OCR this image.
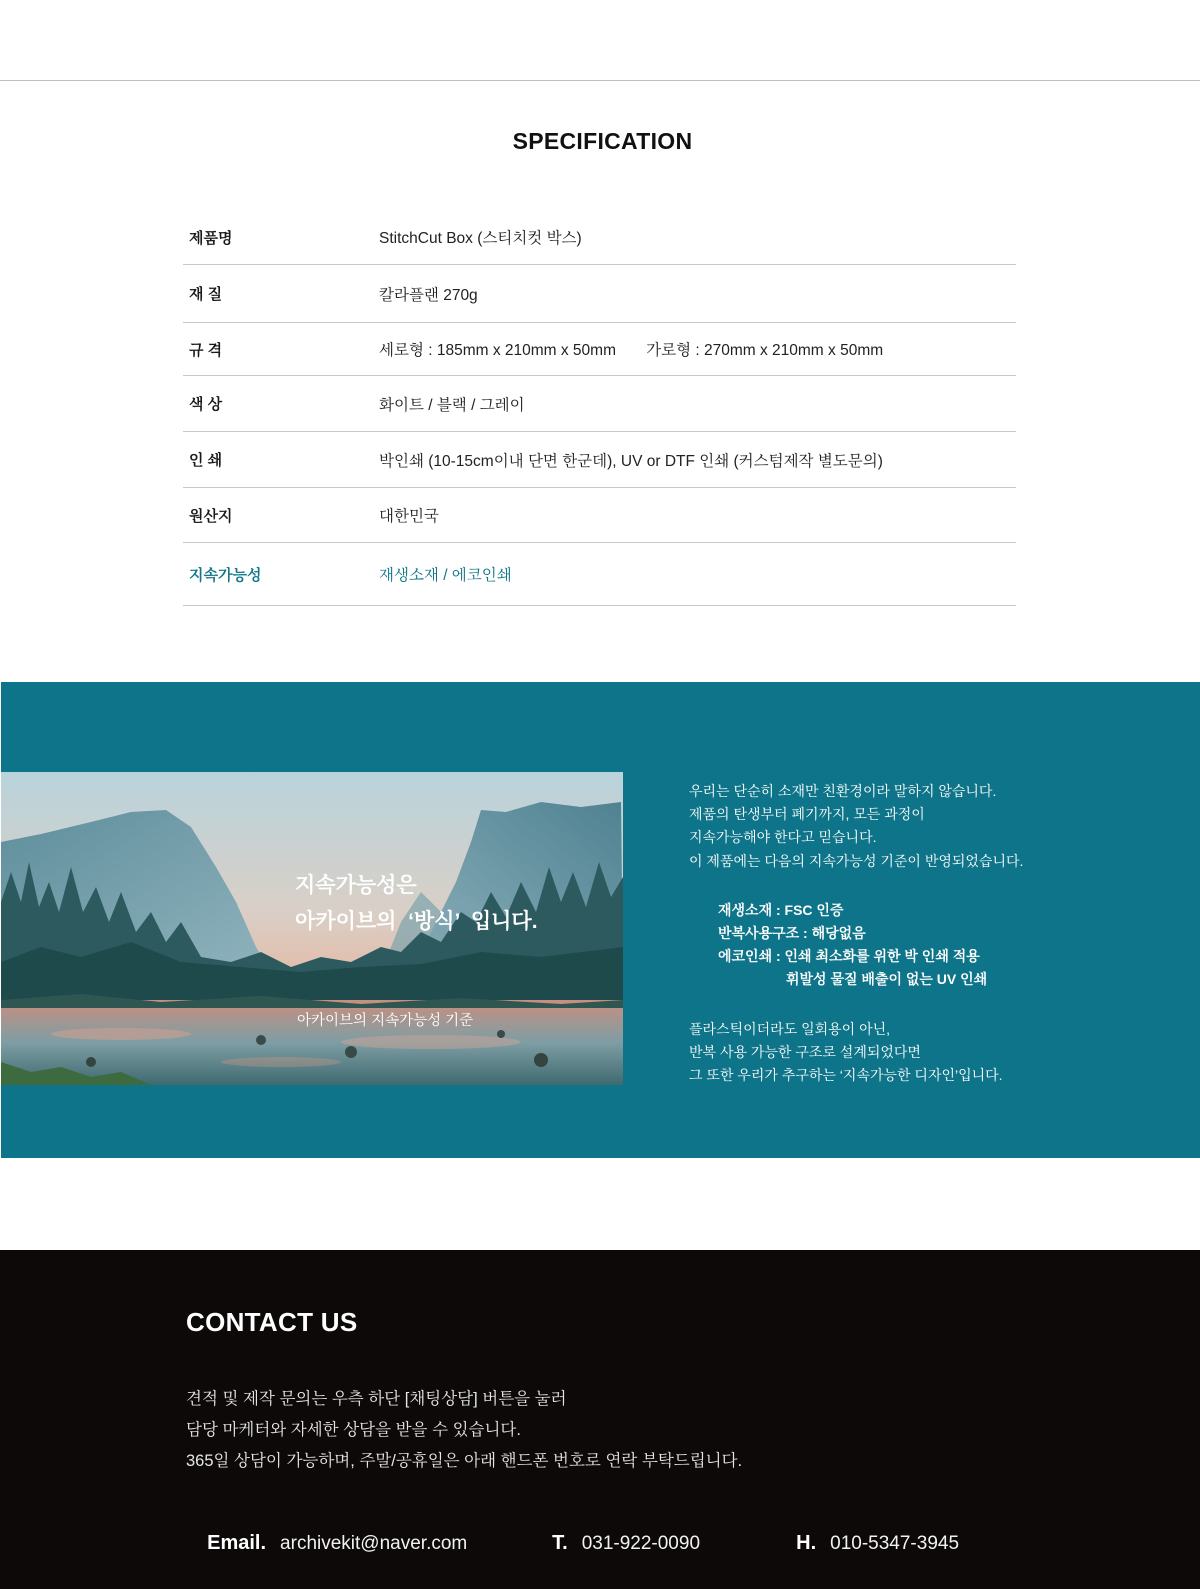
SPECIFICATION
제품명	StitchCut Box (스티치컷 박스)
재 질	칼라플랜 270g
규 격	세로형 : 185mm x 210mm x 50mm       가로형 : 270mm x 210mm x 50mm
색 상	화이트 / 블랙 / 그레이
인 쇄	박인쇄 (10-15cm이내 단면 한군데), UV or DTF 인쇄 (커스텀제작 별도문의)
원산지	대한민국
지속가능성	재생소재 / 에코인쇄
지속가능성은
아카이브의  ‘방식’  입니다.
아카이브의 지속가능성 기준

우리는 단순히 소재만 친환경이라 말하지 않습니다.

제품의 탄생부터 폐기까지, 모든 과정이

지속가능해야 한다고 믿습니다.

이 제품에는 다음의 지속가능성 기준이 반영되었습니다.

재생소재 : FSC 인증

반복사용구조 : 해당없음

에코인쇄 : 인쇄 최소화를 위한 박 인쇄 적용

휘발성 물질 배출이 없는 UV 인쇄

플라스틱이더라도 일회용이 아닌,

반복 사용 가능한 구조로 설계되었다면

그 또한 우리가 추구하는 ‘지속가능한 디자인’입니다.

CONTACT US

견적 및 제작 문의는 우측 하단 [채팅상담] 버튼을 눌러

담당 마케터와 자세한 상담을 받을 수 있습니다.

365일 상담이 가능하며, 주말/공휴일은 아래 핸드폰 번호로 연락 부탁드립니다.

Email. archivekit@naver.com
	T. 031-922-0090
	H. 010-5347-3945
